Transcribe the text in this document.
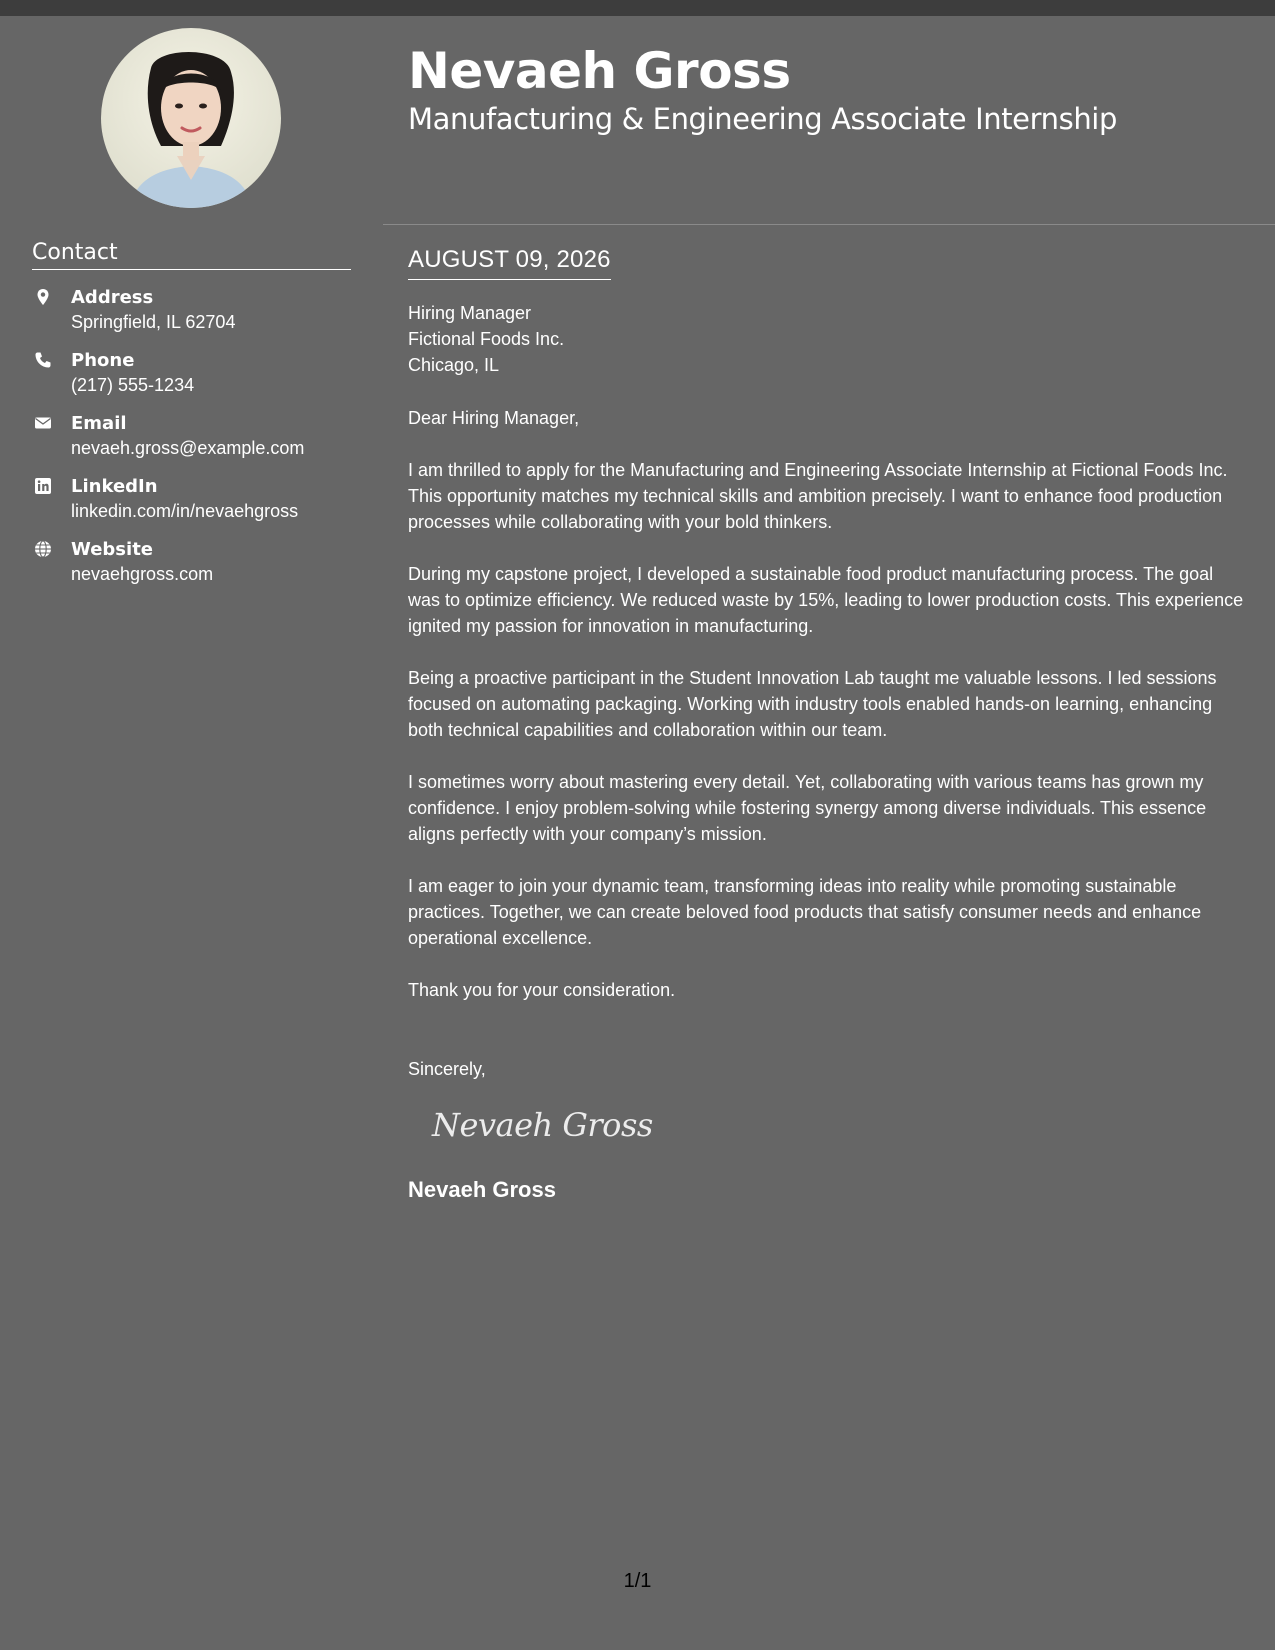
Contact
Address
Springfield, IL 62704
Phone
(217) 555-1234
Email
nevaeh.gross@example.com
LinkedIn
linkedin.com/in/nevaehgross
Website
nevaehgross.com
Nevaeh Gross
Manufacturing & Engineering Associate Internship
AUGUST 09, 2026
Hiring Manager
Fictional Foods Inc.
Chicago, IL

Dear Hiring Manager,

I am thrilled to apply for the Manufacturing and Engineering Associate Internship at Fictional Foods Inc. This opportunity matches my technical skills and ambition precisely. I want to enhance food production processes while collaborating with your bold thinkers.

During my capstone project, I developed a sustainable food product manufacturing process. The goal was to optimize efficiency. We reduced waste by 15%, leading to lower production costs. This experience ignited my passion for innovation in manufacturing.

Being a proactive participant in the Student Innovation Lab taught me valuable lessons. I led sessions focused on automating packaging. Working with industry tools enabled hands-on learning, enhancing both technical capabilities and collaboration within our team.

I sometimes worry about mastering every detail. Yet, collaborating with various teams has grown my confidence. I enjoy problem-solving while fostering synergy among diverse individuals. This essence aligns perfectly with your company’s mission.

I am eager to join your dynamic team, transforming ideas into reality while promoting sustainable practices. Together, we can create beloved food products that satisfy consumer needs and enhance operational excellence.

Thank you for your consideration.

Sincerely,

Nevaeh Gross
Nevaeh Gross
1/1
